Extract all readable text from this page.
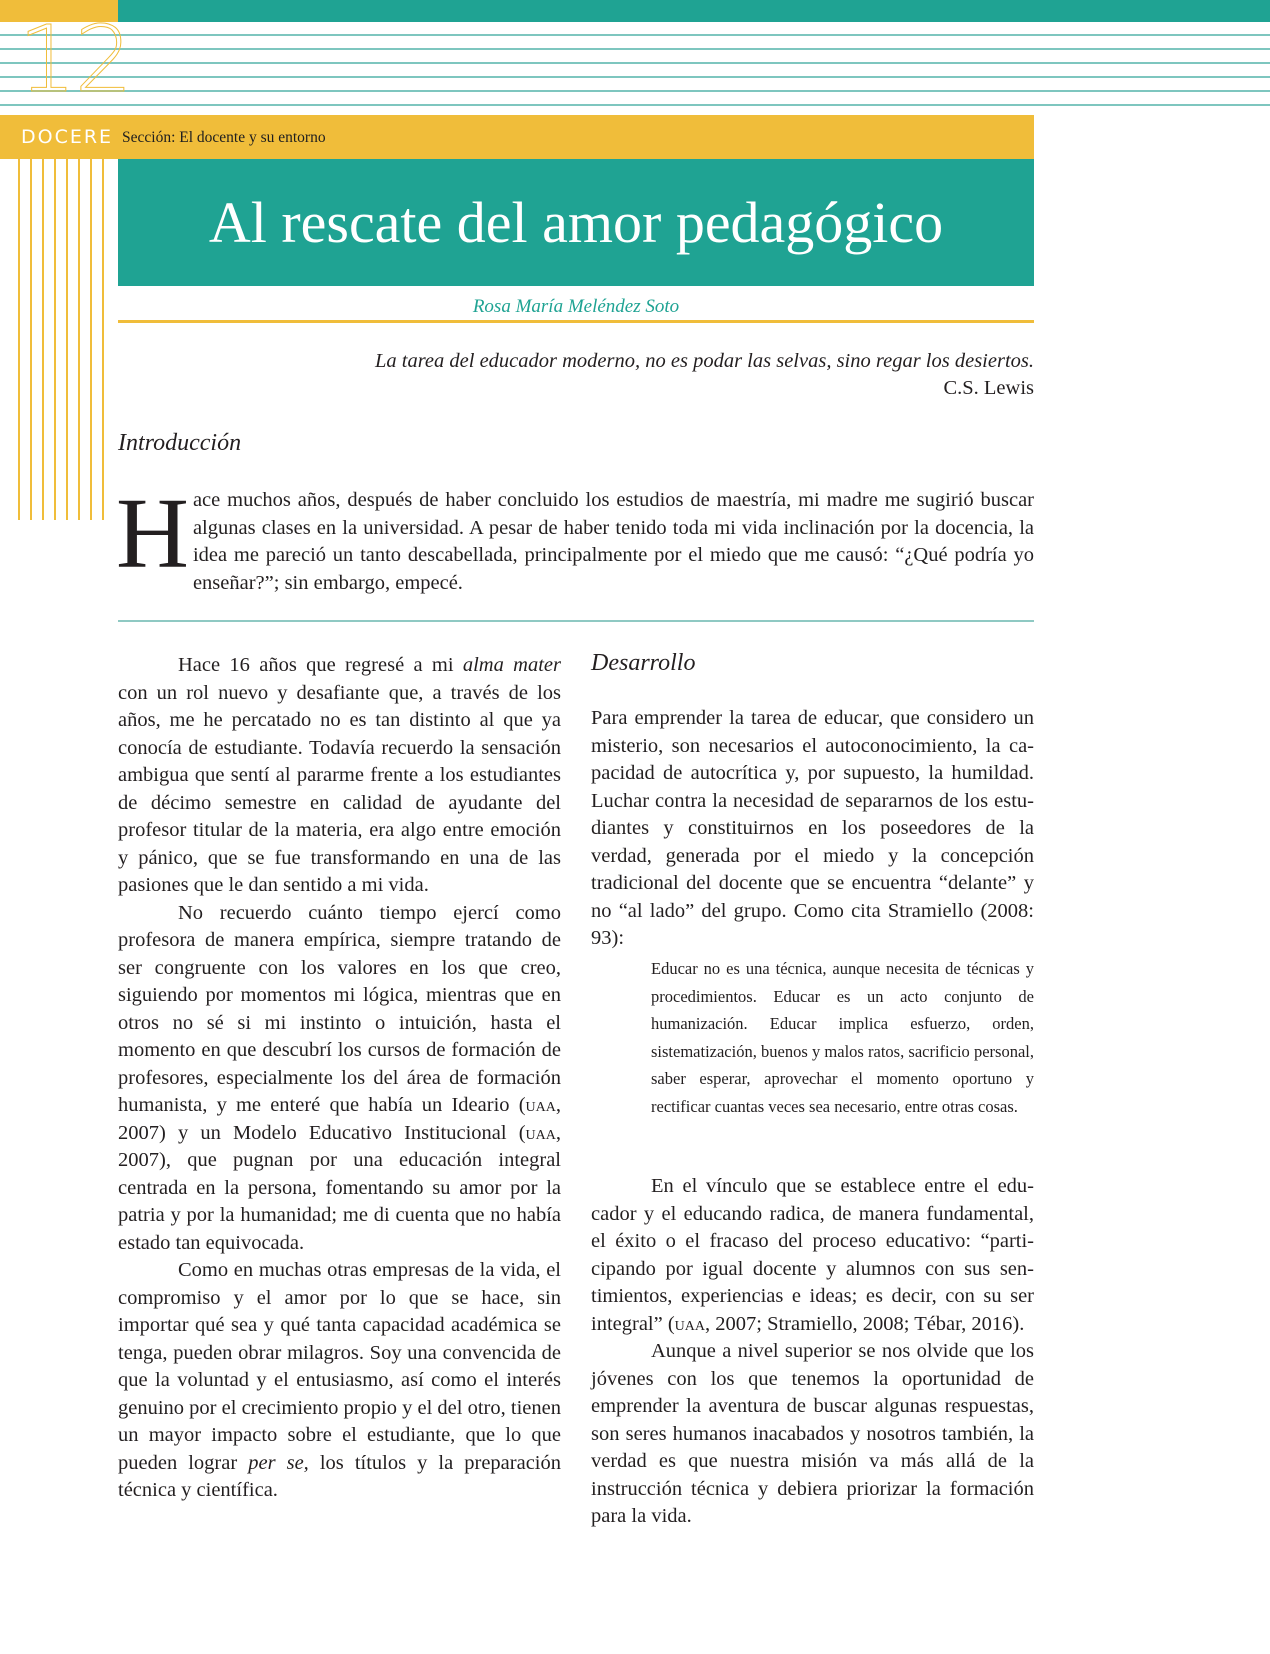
12
DOCERE Sección: El docente y su entorno
Al rescate del amor pedagógico
Rosa María Meléndez Soto
La tarea del educador moderno, no es podar las selvas, sino regar los desiertos.
C.S. Lewis
Introducción
H ace muchos años, después de haber concluido los estudios de maestría, mi madre me sugirió buscar algunas clases en la universidad. A pesar de haber tenido toda mi vida inclinación por la docencia, la idea me pareció un tanto descabellada, principalmente por el miedo que me causó: “¿Qué podría yo enseñar?”; sin embargo, empecé.

Hace 16 años que regresé a mi alma mater con un rol nuevo y desafiante que, a través de los años, me he percatado no es tan distinto al que ya conocía de estudiante. Todavía recuerdo la sensación ambigua que sentí al pararme frente a los estudiantes de décimo semestre en calidad de ayudante del profesor titular de la materia, era algo entre emoción y pánico, que se fue transformando en una de las pasiones que le dan sentido a mi vida.

No recuerdo cuánto tiempo ejercí como profesora de manera empírica, siempre tratando de ser congruente con los valores en los que creo, siguiendo por momentos mi lógica, mientras que en otros no sé si mi instinto o intuición, hasta el momento en que descubrí los cursos de formación de profesores, especialmente los del área de formación humanista, y me enteré que había un Ideario (uaa, 2007) y un Modelo Educativo Institucional (uaa, 2007), que pugnan por una educación integral centrada en la persona, fomentando su amor por la patria y por la humanidad; me di cuenta que no había estado tan equivocada.

Como en muchas otras empresas de la vida, el compromiso y el amor por lo que se hace, sin importar qué sea y qué tanta capacidad académica se tenga, pueden obrar milagros. Soy una convencida de que la voluntad y el entusiasmo, así como el interés genuino por el crecimiento propio y el del otro, tienen un mayor impacto sobre el estudiante, que lo que pueden lograr per se, los títulos y la preparación técnica y científica.

Desarrollo

Para emprender la tarea de educar, que considero un misterio, son necesarios el autoconocimiento, la capacidad de autocrítica y, por supuesto, la humildad. Luchar contra la necesidad de separarnos de los estudiantes y constituirnos en los poseedores de la verdad, generada por el miedo y la concepción tradicional del docente que se encuentra “delante” y no “al lado” del grupo. Como cita Stramiello (2008: 93):

Educar no es una técnica, aunque necesita de técnicas y procedimientos. Educar es un acto conjunto de humanización. Educar implica esfuerzo, orden, sistematización, buenos y malos ratos, sacrificio personal, saber esperar, aprovechar el momento oportuno y rectificar cuantas veces sea necesario, entre otras cosas.

En el vínculo que se establece entre el educador y el educando radica, de manera fundamental, el éxito o el fracaso del proceso educativo: “participando por igual docente y alumnos con sus sentimientos, experiencias e ideas; es decir, con su ser integral” (uaa, 2007; Stramiello, 2008; Tébar, 2016).

Aunque a nivel superior se nos olvide que los jóvenes con los que tenemos la oportunidad de emprender la aventura de buscar algunas respuestas, son seres humanos inacabados y nosotros también, la verdad es que nuestra misión va más allá de la instrucción técnica y debiera priorizar la formación para la vida.
